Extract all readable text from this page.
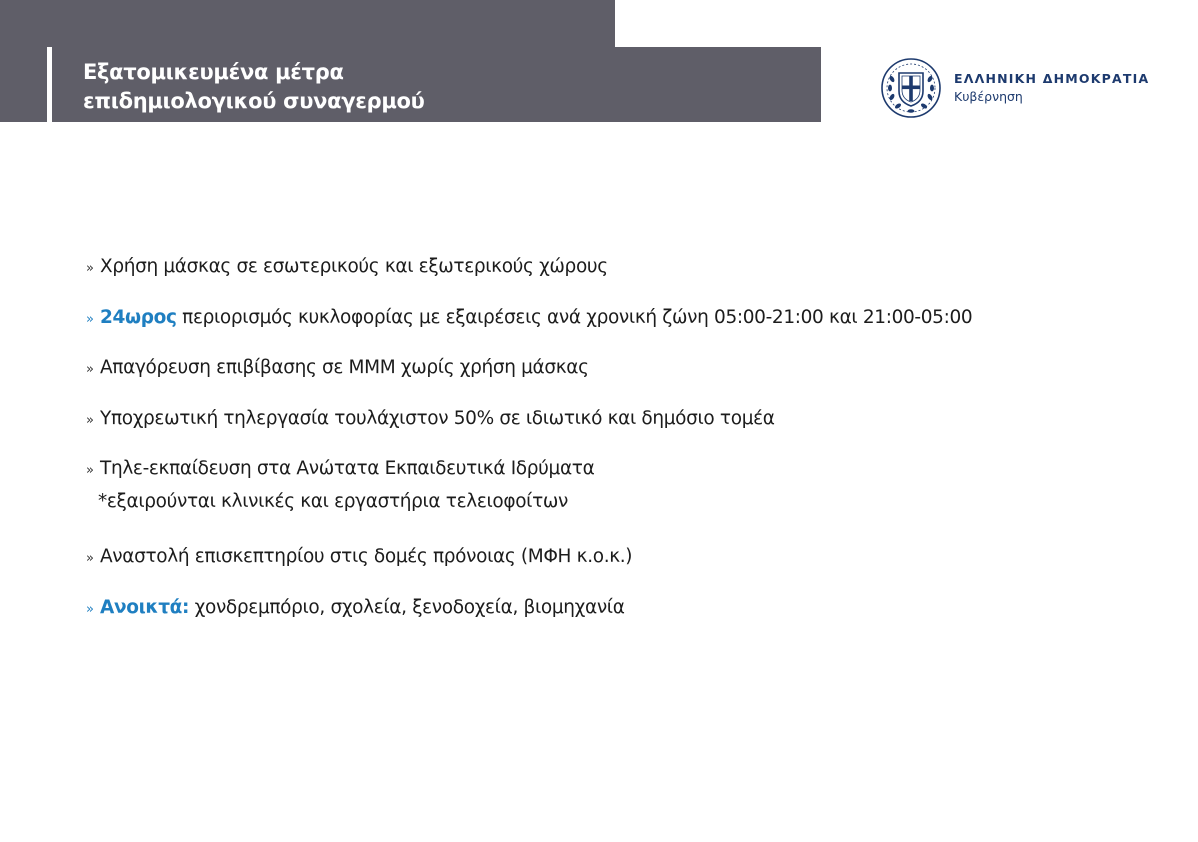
Εξατομικευμένα μέτρα
επιδημιολογικού συναγερμού
ΕΛΛΗΝΙΚΗ ΔΗΜΟΚΡΑΤΙΑ
Κυβέρνηση
» Χρήση μάσκας σε εσωτερικούς και εξωτερικούς χώρους
» 24ωρος περιορισμός κυκλοφορίας με εξαιρέσεις ανά χρονική ζώνη 05:00-21:00 και 21:00-05:00
» Απαγόρευση επιβίβασης σε ΜΜΜ χωρίς χρήση μάσκας
» Υποχρεωτική τηλεργασία τουλάχιστον 50% σε ιδιωτικό και δημόσιο τομέα
» Τηλε-εκπαίδευση στα Ανώτατα Εκπαιδευτικά Ιδρύματα
*εξαιρούνται κλινικές και εργαστήρια τελειοφοίτων
» Αναστολή επισκεπτηρίου στις δομές πρόνοιας (ΜΦΗ κ.ο.κ.)
» Ανοικτά: χονδρεμπόριο, σχολεία, ξενοδοχεία, βιομηχανία
